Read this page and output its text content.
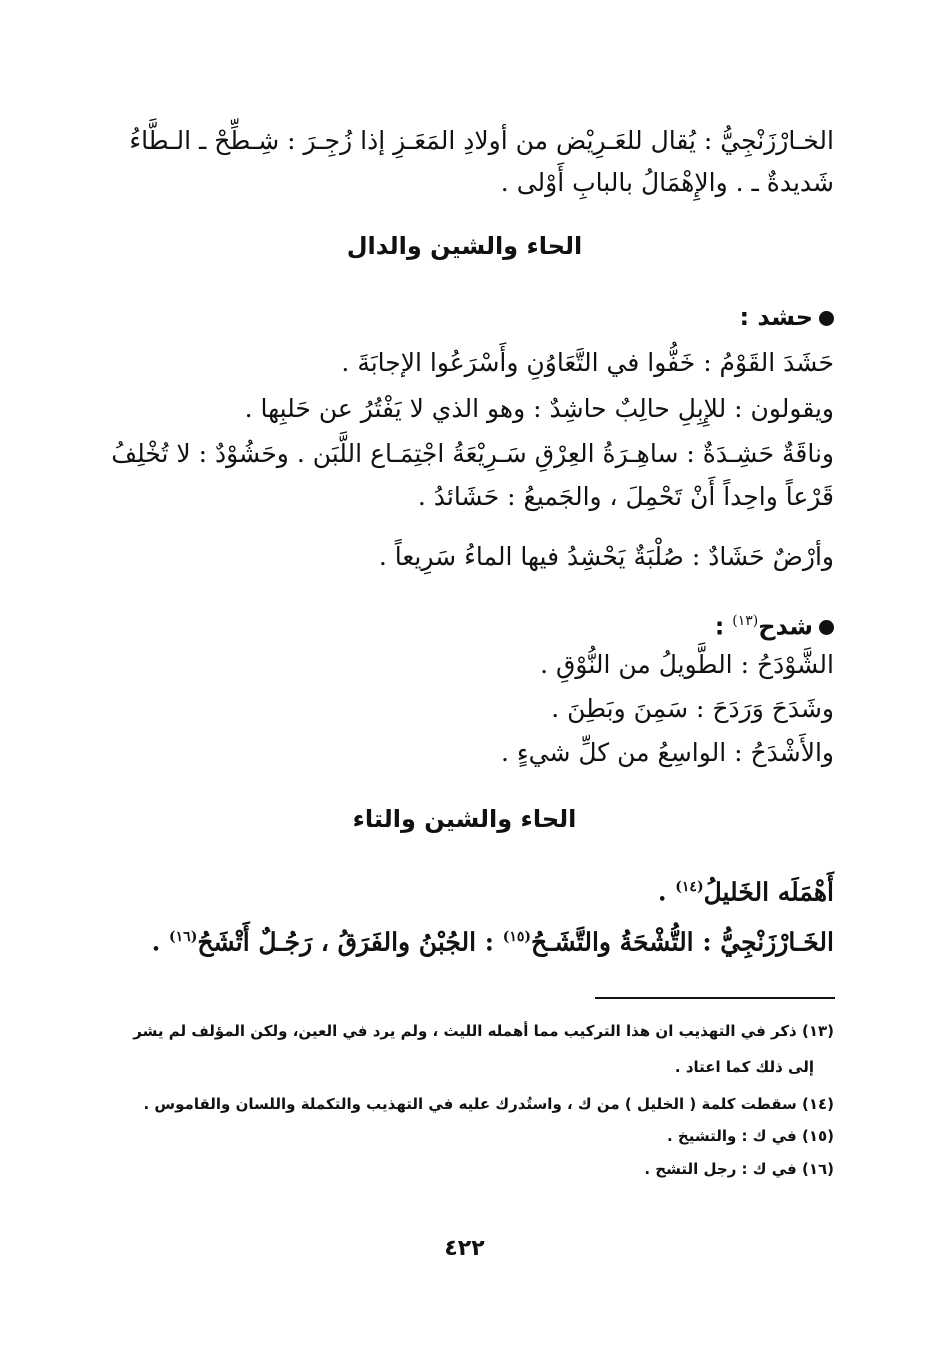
الخـارْزَنْجِيُّ : يُقال للعَـرِيْض من أولادِ المَعَـزِ إذا زُجِـرَ : شِـطِّحْ ـ الـطَّاءُ
شَديدةٌ ـ . والإِهْمَالُ بالبابِ أَوْلى .
الحاء والشين والدال
حشد :
حَشَدَ القَوْمُ : خَفُّوا في التَّعَاوُنِ وأَسْرَعُوا الإجابَةَ .
ويقولون : للإِبِلِ حالِبٌ حاشِدٌ : وهو الذي لا يَفْتُرُ عن حَلبِها .
وناقَةٌ حَشِـدَةٌ : ساهِـرَةُ العِرْقِ سَـرِيْعَةُ اجْتِمَـاع اللَّبَن . وحَشُوْدٌ : لا تُخْلِفُ
قَرْعاً واحِداً أَنْ تَحْمِلَ ، والجَميعُ : حَشَائدُ .
وأرْضٌ حَشَادٌ : صُلْبَةٌ يَحْشِدُ فيها الماءُ سَرِيعاً .
شدح$^{(١٣)}$ :
الشَّوْدَحُ : الطَّويلُ من النُّوْقِ .
وشَدَحَ وَرَدَحَ : سَمِنَ وبَطِنَ .
والأَشْدَحُ : الواسِعُ من كلِّ شيءٍ .
الحاء والشين والتاء
أَهْمَلَه الخَليلُ$^{(١٤)}$ .
الخَـارْزَنْجِيُّ : التُّشْحَةُ والتَّشَـحُ$^{(١٥)}$ : الجُبْنُ والفَرَقُ ، رَجُـلٌ أَتْشَحُ$^{(١٦)}$ .
(١٣) ذكر في التهذيب ان هذا التركيب مما أهمله الليث ، ولم يرد في العين، ولكن المؤلف لم يشر
إلى ذلك كما اعتاد .
(١٤) سقطت كلمة ( الخليل ) من ك ، واستُدرك عليه في التهذيب والتكملة واللسان والقاموس .
(١٥) في ك : والتشيخ .
(١٦) في ك : رجل التشح .
٤٢٢
